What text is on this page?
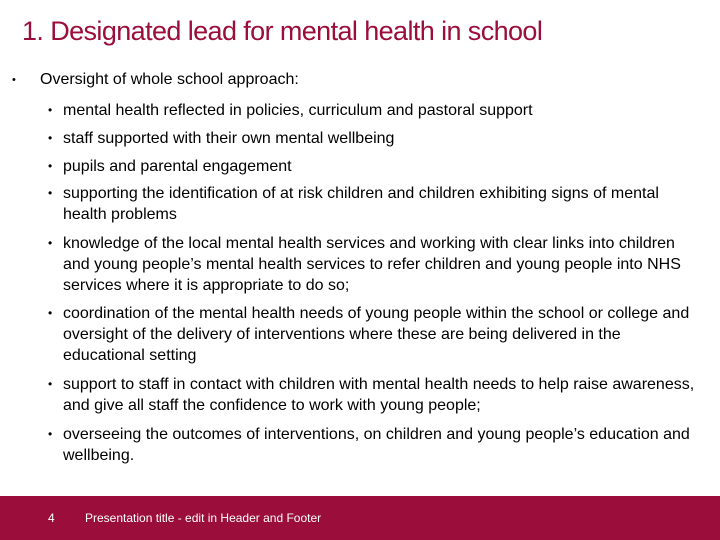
1. Designated lead for mental health in school
• Oversight of whole school approach:
• mental health reflected in policies, curriculum and pastoral support
• staff supported with their own mental wellbeing
• pupils and parental engagement
• supporting the identification of at risk children and children exhibiting signs of mental health problems
• knowledge of the local mental health services and working with clear links into children and young people’s mental health services to refer children and young people into NHS services where it is appropriate to do so;
• coordination of the mental health needs of young people within the school or college and oversight of the delivery of interventions where these are being delivered in the educational setting
• support to staff in contact with children with mental health needs to help raise awareness, and give all staff the confidence to work with young people;
• overseeing the outcomes of interventions, on children and young people’s education and wellbeing.
4	Presentation title - edit in Header and Footer
